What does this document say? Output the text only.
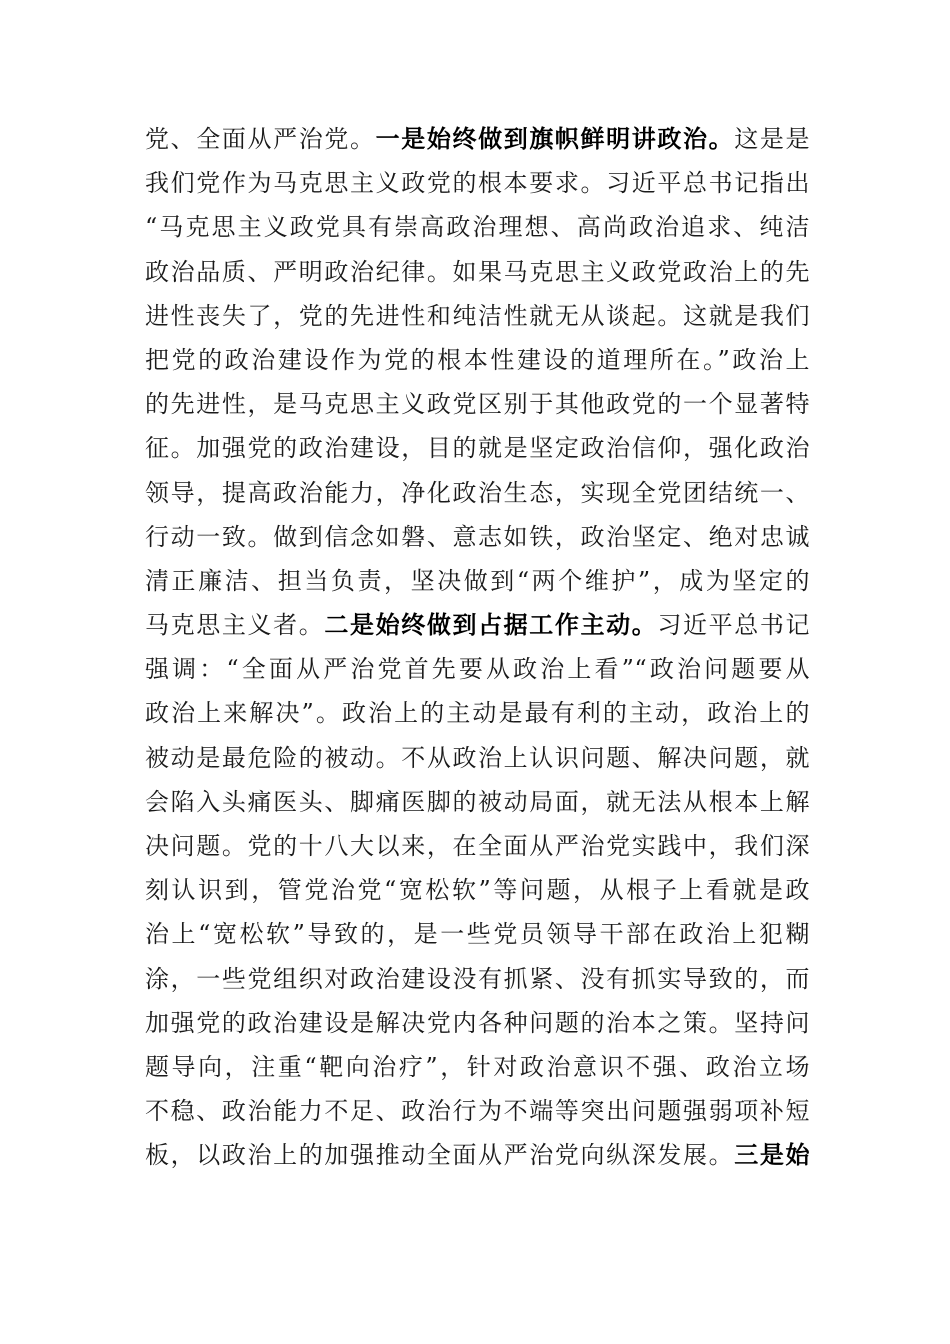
党、全面从严治党。一是始终做到旗帜鲜明讲政治。这是是
我们党作为马克思主义政党的根本要求。习近平总书记指出
“马克思主义政党具有崇高政治理想、高尚政治追求、纯洁
政治品质、严明政治纪律。如果马克思主义政党政治上的先
进性丧失了，党的先进性和纯洁性就无从谈起。这就是我们
把党的政治建设作为党的根本性建设的道理所在。”政治上
的先进性，是马克思主义政党区别于其他政党的一个显著特
征。加强党的政治建设，目的就是坚定政治信仰，强化政治
领导，提高政治能力，净化政治生态，实现全党团结统一、
行动一致。做到信念如磐、意志如铁，政治坚定、绝对忠诚
清正廉洁、担当负责，坚决做到“两个维护”，成为坚定的
马克思主义者。二是始终做到占据工作主动。习近平总书记
强调：“全面从严治党首先要从政治上看”“政治问题要从
政治上来解决”。政治上的主动是最有利的主动，政治上的
被动是最危险的被动。不从政治上认识问题、解决问题，就
会陷入头痛医头、脚痛医脚的被动局面，就无法从根本上解
决问题。党的十八大以来，在全面从严治党实践中，我们深
刻认识到，管党治党“宽松软”等问题，从根子上看就是政
治上“宽松软”导致的，是一些党员领导干部在政治上犯糊
涂，一些党组织对政治建设没有抓紧、没有抓实导致的，而
加强党的政治建设是解决党内各种问题的治本之策。坚持问
题导向，注重“靶向治疗”，针对政治意识不强、政治立场
不稳、政治能力不足、政治行为不端等突出问题强弱项补短
板，以政治上的加强推动全面从严治党向纵深发展。三是始
